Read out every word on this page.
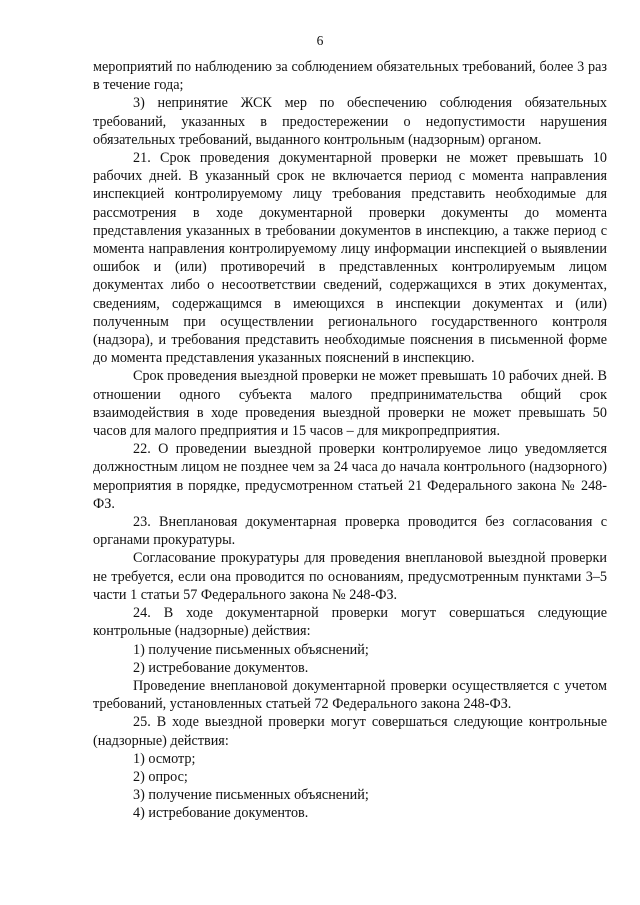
6

мероприятий по наблюдению за соблюдением обязательных требований, более 3 раз в течение года;

3) непринятие ЖСК мер по обеспечению соблюдения обязательных требований, указанных в предостережении о недопустимости нарушения обязательных требований, выданного контрольным (надзорным) органом.

21. Срок проведения документарной проверки не может превышать 10 рабочих дней. В указанный срок не включается период с момента направления инспекцией контролируемому лицу требования представить необходимые для рассмотрения в ходе документарной проверки документы до момента представления указанных в требовании документов в инспекцию, а также период с момента направления контролируемому лицу информации инспекцией о выявлении ошибок и (или) противоречий в представленных контролируемым лицом документах либо о несоответствии сведений, содержащихся в этих документах, сведениям, содержащимся в имеющихся в инспекции документах и (или) полученным при осуществлении регионального государственного контроля (надзора), и требования представить необходимые пояснения в письменной форме до момента представления указанных пояснений в инспекцию.

Срок проведения выездной проверки не может превышать 10 рабочих дней. В отношении одного субъекта малого предпринимательства общий срок взаимодействия в ходе проведения выездной проверки не может превышать 50 часов для малого предприятия и 15 часов – для микропредприятия.

22. О проведении выездной проверки контролируемое лицо уведомляется должностным лицом не позднее чем за 24 часа до начала контрольного (надзорного) мероприятия в порядке, предусмотренном статьей 21 Федерального закона № 248-ФЗ.

23. Внеплановая документарная проверка проводится без согласования с органами прокуратуры.

Согласование прокуратуры для проведения внеплановой выездной проверки не требуется, если она проводится по основаниям, предусмотренным пунктами 3–5 части 1 статьи 57 Федерального закона № 248-ФЗ.

24. В ходе документарной проверки могут совершаться следующие контрольные (надзорные) действия:

1) получение письменных объяснений;

2) истребование документов.

Проведение внеплановой документарной проверки осуществляется с учетом требований, установленных статьей 72 Федерального закона 248-ФЗ.

25. В ходе выездной проверки могут совершаться следующие контрольные (надзорные) действия:

1) осмотр;

2) опрос;

3) получение письменных объяснений;

4) истребование документов.
